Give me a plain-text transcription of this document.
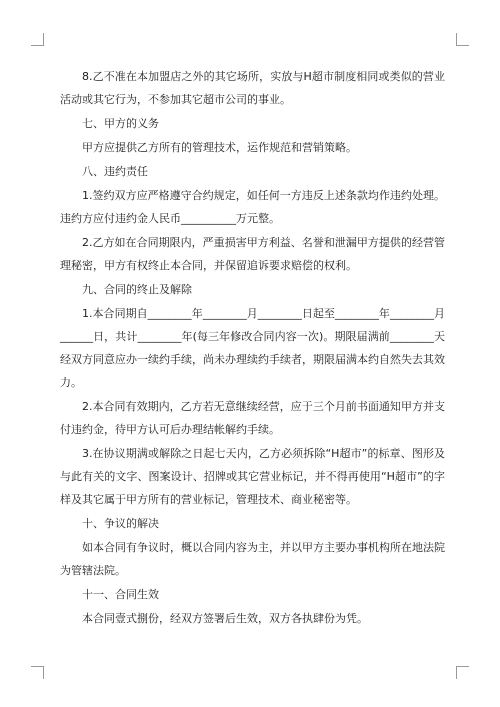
8.乙不准在本加盟店之外的其它场所，实放与H超市制度相同或类似的营业活动或其它行为，不参加其它超市公司的事业。

七、甲方的义务

甲方应提供乙方所有的管理技术，运作规范和营销策略。

八、违约责任

1.签约双方应严格遵守合约规定，如任何一方违反上述条款均作违约处理。违约方应付违约金人民币__________万元整。

2.乙方如在合同期限内，严重损害甲方利益、名誉和泄漏甲方提供的经营管理秘密，甲方有权终止本合同，并保留追诉要求赔偿的权利。

九、合同的终止及解除

1.本合同期自________年________月________日起至________年________月______日，共计________年(每三年修改合同内容一次)。期限届满前________天经双方同意应办一续约手续，尚未办理续约手续者，期限届满本约自然失去其效力。

2.本合同有效期内，乙方若无意继续经营，应于三个月前书面通知甲方并支付违约金，待甲方认可后办理结帐解约手续。

3.在协议期满或解除之日起七天内，乙方必须拆除“H超市”的标章、图形及与此有关的文字、图案设计、招牌或其它营业标记，并不得再使用“H超市”的字样及其它属于甲方所有的营业标记，管理技术、商业秘密等。

十、争议的解决

如本合同有争议时，概以合同内容为主，并以甲方主要办事机构所在地法院为管辖法院。

十一、合同生效

本合同壹式捌份，经双方签署后生效，双方各执肆份为凭。
